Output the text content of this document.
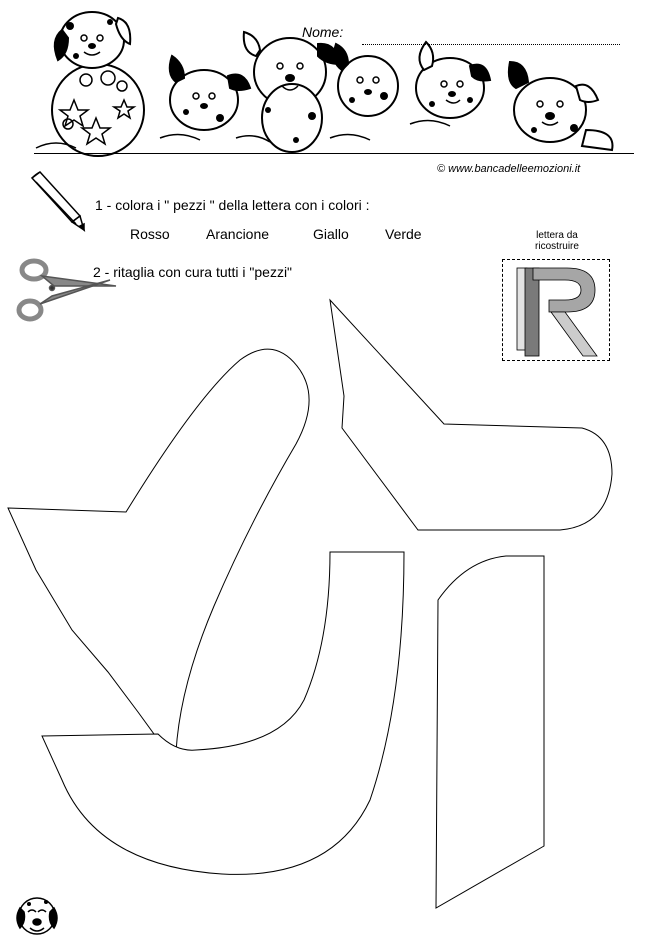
Nome:
© www.bancadelleemozioni.it
1 - colora i " pezzi " della lettera con i colori :
Rosso	Arancione	Giallo	Verde
2 - ritaglia con cura tutti i "pezzi"
lettera da
ricostruire
